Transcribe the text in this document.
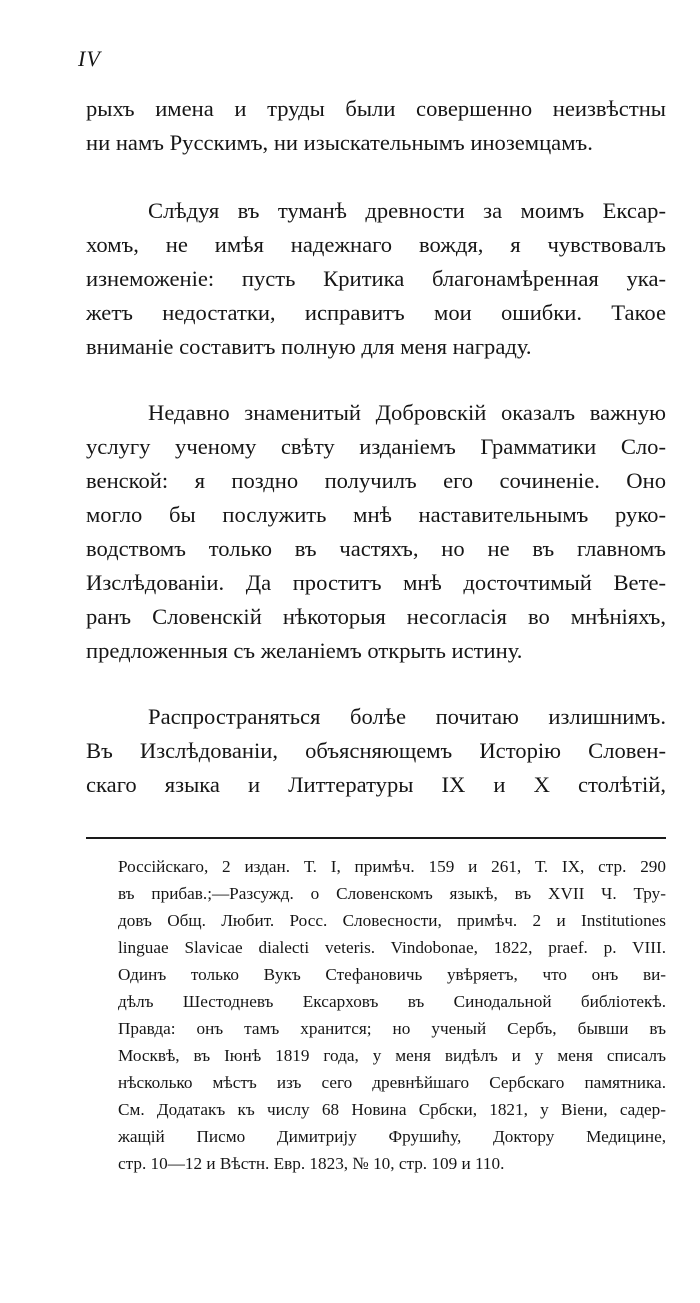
IV
рыхъ имена и труды были совершенно неизвѣстны
ни намъ Русскимъ, ни изыскательнымъ иноземцамъ.
Слѣдуя въ туманѣ древности за моимъ Ексар-
хомъ, не имѣя надежнаго вождя, я чувствовалъ
изнеможеніе: пусть Критика благонамѣренная ука-
жетъ недостатки, исправитъ мои ошибки. Такое
вниманіе составитъ полную для меня награду.
Недавно знаменитый Добровскій оказалъ важную
услугу ученому свѣту изданіемъ Грамматики Сло-
венской: я поздно получилъ его сочиненіе. Оно
могло бы послужить мнѣ наставительнымъ руко-
водствомъ только въ частяхъ, но не въ главномъ
Изслѣдованіи. Да проститъ мнѣ досточтимый Вете-
ранъ Словенскій нѣкоторыя несогласія во мнѣніяхъ,
предложенныя съ желаніемъ открыть истину.
Распространяться болѣе почитаю излишнимъ.
Въ Изслѣдованіи, объясняющемъ Исторію Словен-
скаго языка и Литтературы IX и X столѣтій,
Россійскаго, 2 издан. Т. I, примѣч. 159 и 261, Т. IX, стр. 290
въ прибав.;—Разсужд. о Словенскомъ языкѣ, въ XVII Ч. Тру-
довъ Общ. Любит. Росс. Словесности, примѣч. 2 и Institutiones
linguae Slavicae dialecti veteris. Vindobonae, 1822, praef. p. VIII.
Одинъ только Вукъ Стефановичь увѣряетъ, что онъ ви-
дѣлъ Шестодневъ Ексарховъ въ Синодальной библіотекѣ.
Правда: онъ тамъ хранится; но ученый Сербъ, бывши въ
Москвѣ, въ Іюнѣ 1819 года, у меня видѣлъ и у меня списалъ
нѣсколько мѣстъ изъ сего древнѣйшаго Сербскаго памятника.
См. Додатакъ къ числу 68 Новина Србски, 1821, у Віени, садер-
жащій Писмо Димитрију Фрушићу, Доктору Медицине,
стр. 10—12 и Вѣстн. Евр. 1823, № 10, стр. 109 и 110.
